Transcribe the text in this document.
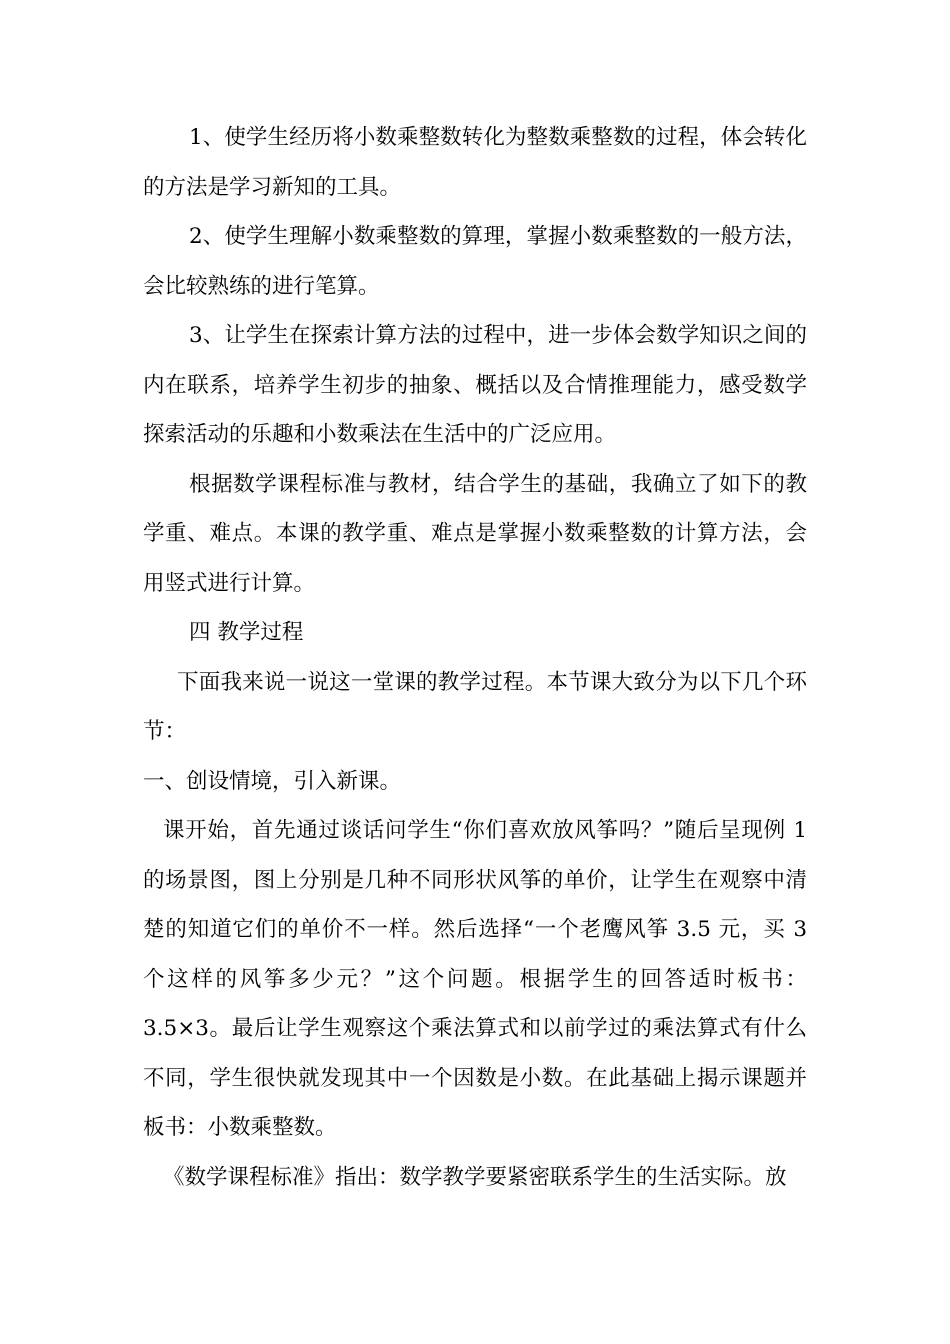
1、使学生经历将小数乘整数转化为整数乘整数的过程，体会转化的方法是学习新知的工具。

2、使学生理解小数乘整数的算理，掌握小数乘整数的一般方法，会比较熟练的进行笔算。

3、让学生在探索计算方法的过程中，进一步体会数学知识之间的内在联系，培养学生初步的抽象、概括以及合情推理能力，感受数学探索活动的乐趣和小数乘法在生活中的广泛应用。

根据数学课程标准与教材，结合学生的基础，我确立了如下的教学重、难点。本课的教学重、难点是掌握小数乘整数的计算方法，会用竖式进行计算。

四 教学过程

下面我来说一说这一堂课的教学过程。本节课大致分为以下几个环节：

一、创设情境，引入新课。

课开始，首先通过谈话问学生“你们喜欢放风筝吗？”随后呈现例 1 的场景图，图上分别是几种不同形状风筝的单价，让学生在观察中清楚的知道它们的单价不一样。然后选择“一个老鹰风筝 3.5 元，买 3 个这样的风筝多少元？”这个问题。根据学生的回答适时板书：3.5×3。最后让学生观察这个乘法算式和以前学过的乘法算式有什么不同，学生很快就发现其中一个因数是小数。在此基础上揭示课题并板书：小数乘整数。

《数学课程标准》指出：数学教学要紧密联系学生的生活实际。放
